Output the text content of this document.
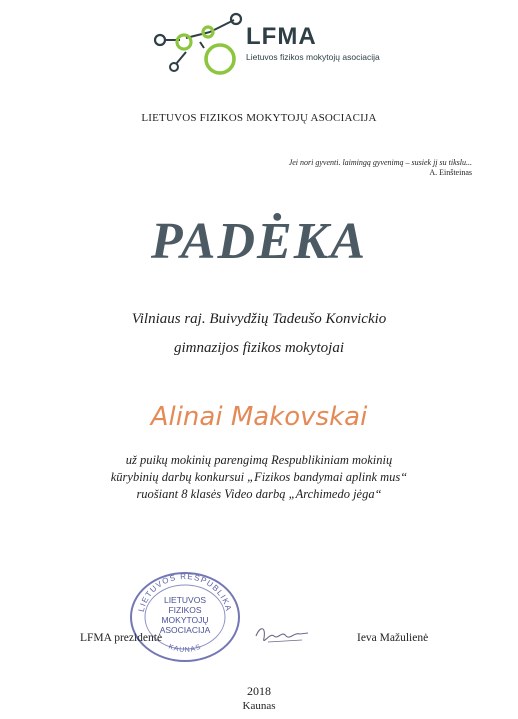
LFMA
Lietuvos fizikos mokytojų asociacija
LIETUVOS FIZIKOS MOKYTOJŲ ASOCIACIJA
Jei nori gyventi. laimingą gyvenimą – susiek jį su tikslu...
A. Einšteinas
PADĖKA
Vilniaus raj. Buivydžių Tadeušo Konvickio
gimnazijos fizikos mokytojai
Alinai Makovskai
už puikų mokinių parengimą Respublikiniam mokinių
kūrybinių darbų konkursui „Fizikos bandymai aplink mus“
ruošiant 8 klasės Video darbą „Archimedo jėga“
LIETUVOS RESPUBLIKA
KAUNAS
LIETUVOS
FIZIKOS
MOKYTOJŲ
ASOCIACIJA
LFMA prezidentė	Ieva Mažulienė
2018
Kaunas
